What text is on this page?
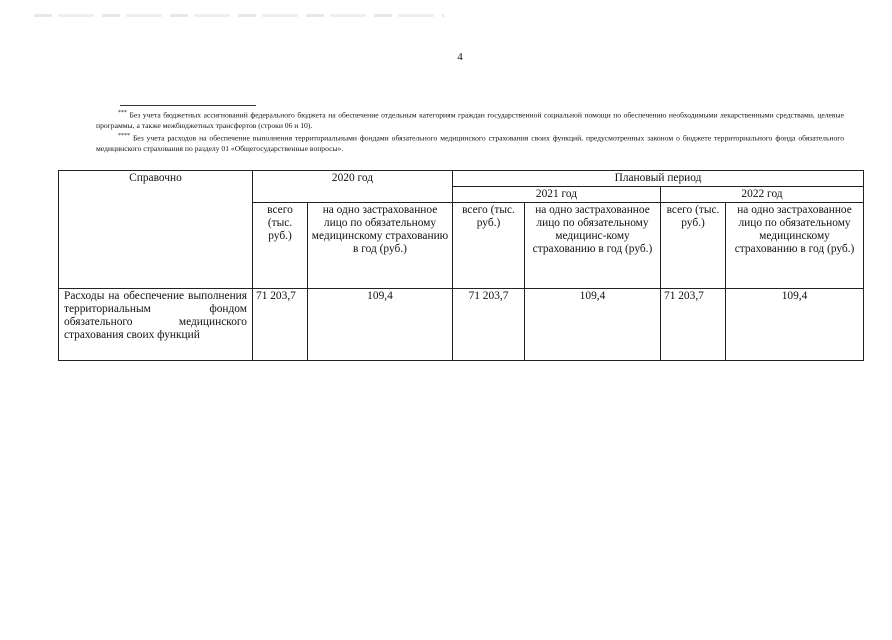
4

*** Без учета бюджетных ассигнований федерального бюджета на обеспечение отдельным категориям граждан государственной социальной помощи по обеспечению необходимыми лекарственными средствами, целевые программы, а также межбюджетных трансфертов (строки 06 и 10).

**** Без учета расходов на обеспечение выполнения территориальными фондами обязательного медицинского страхования своих функций, предусмотренных законом о бюджете территориального фонда обязательного медицинского страхования по разделу 01 «Общегосударственные вопросы».

Справочно	2020 год		Плановый период			
			2021 год		2022 год	
	всего (тыс. руб.)	на одно застрахованное лицо по обязательному медицинскому страхованию в год (руб.)	всего (тыс. руб.)	на одно застрахованное лицо по обязательному медицинс-кому страхованию в год (руб.)	всего (тыс. руб.)	на одно застрахованное лицо по обязательному медицинскому страхованию в год (руб.)
Расходы на обеспечение выполнения территориальным фондом обязательного медицинского страхования своих функций	71 203,7	109,4	71 203,7	109,4	71 203,7	109,4
